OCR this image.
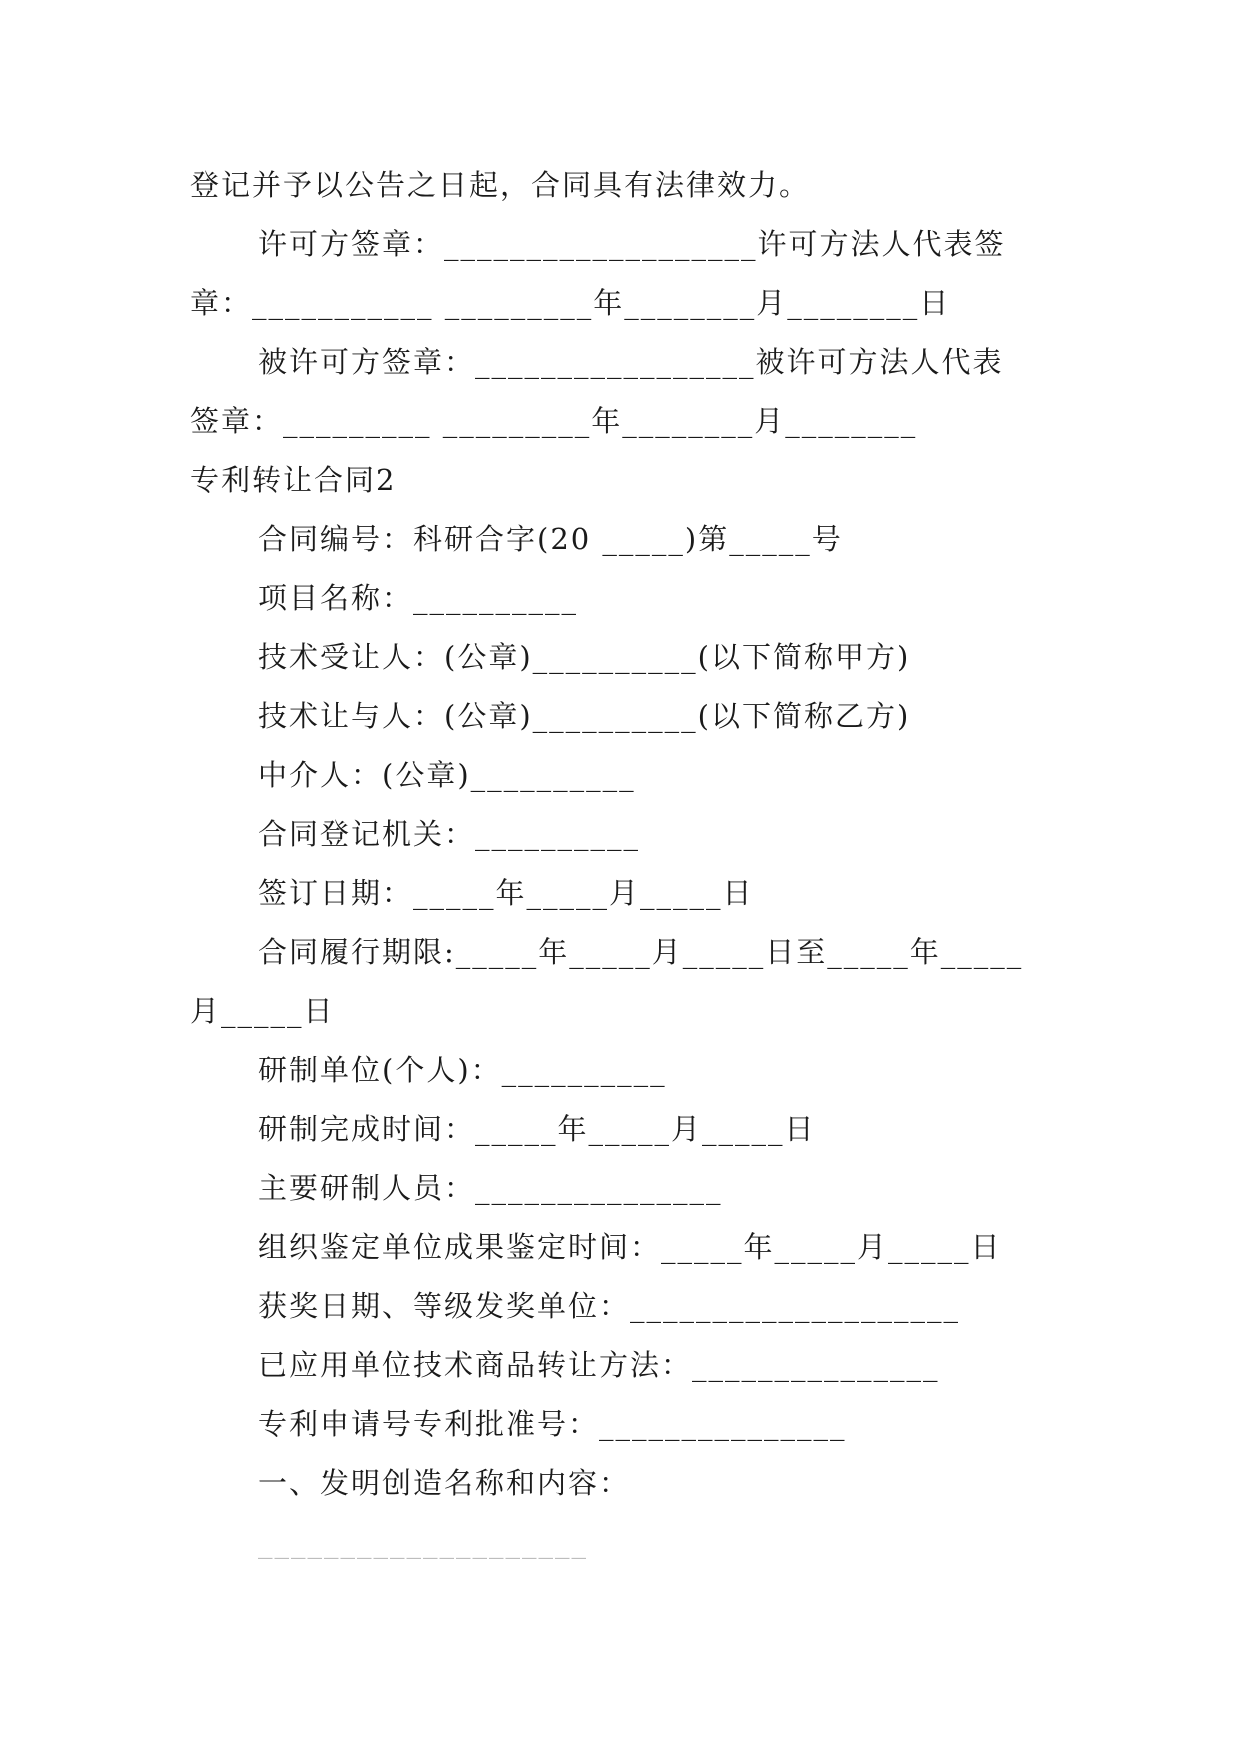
登记并予以公告之日起，合同具有法律效力。
许可方签章：___________________许可方法人代表签
章：___________ _________年________月________日
被许可方签章：_________________被许可方法人代表
签章：_________ _________年________月________
专利转让合同2
合同编号：科研合字(20 _____)第_____号
项目名称：__________
技术受让人：(公章)__________(以下简称甲方)
技术让与人：(公章)__________(以下简称乙方)
中介人：(公章)__________
合同登记机关：__________
签订日期：_____年_____月_____日
合同履行期限:_____年_____月_____日至_____年_____
月_____日
研制单位(个人)：__________
研制完成时间：_____年_____月_____日
主要研制人员：_______________
组织鉴定单位成果鉴定时间：_____年_____月_____日
获奖日期、等级发奖单位：____________________
已应用单位技术商品转让方法：_______________
专利申请号专利批准号：_______________
一、发明创造名称和内容：
____________________
